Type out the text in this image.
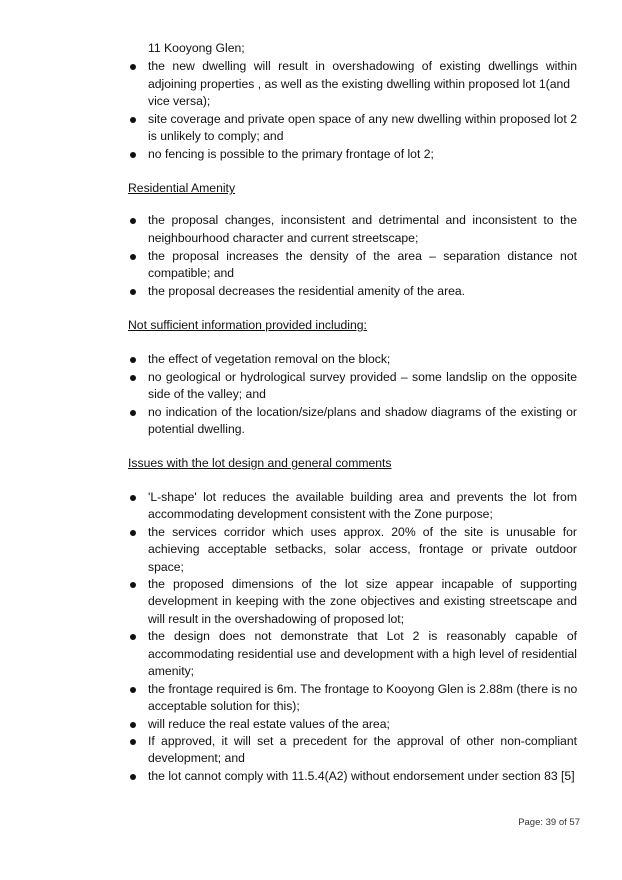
11 Kooyong Glen;
the new dwelling will result in overshadowing of existing dwellings within
adjoining properties , as well as the existing dwelling within proposed lot 1(and
vice versa);
site coverage and private open space of any new dwelling within proposed lot 2
is unlikely to comply; and
no fencing is possible to the primary frontage of lot 2;
Residential Amenity
the proposal changes, inconsistent and detrimental and inconsistent to the
neighbourhood character and current streetscape;
the proposal increases the density of the area – separation distance not
compatible; and
the proposal decreases the residential amenity of the area.
Not sufficient information provided including:
the effect of vegetation removal on the block;
no geological or hydrological survey provided – some landslip on the opposite
side of the valley; and
no indication of the location/size/plans and shadow diagrams of the existing or
potential dwelling.
Issues with the lot design and general comments
'L-shape' lot reduces the available building area and prevents the lot from
accommodating development consistent with the Zone purpose;
the services corridor which uses approx. 20% of the site is unusable for
achieving acceptable setbacks, solar access, frontage or private outdoor
space;
the proposed dimensions of the lot size appear incapable of supporting
development in keeping with the zone objectives and existing streetscape and
will result in the overshadowing of proposed lot;
the design does not demonstrate that Lot 2 is reasonably capable of
accommodating residential use and development with a high level of residential
amenity;
the frontage required is 6m. The frontage to Kooyong Glen is 2.88m (there is no
acceptable solution for this);
will reduce the real estate values of the area;
If approved, it will set a precedent for the approval of other non-compliant
development; and
the lot cannot comply with 11.5.4(A2) without endorsement under section 83 [5]
Page: 39 of 57
